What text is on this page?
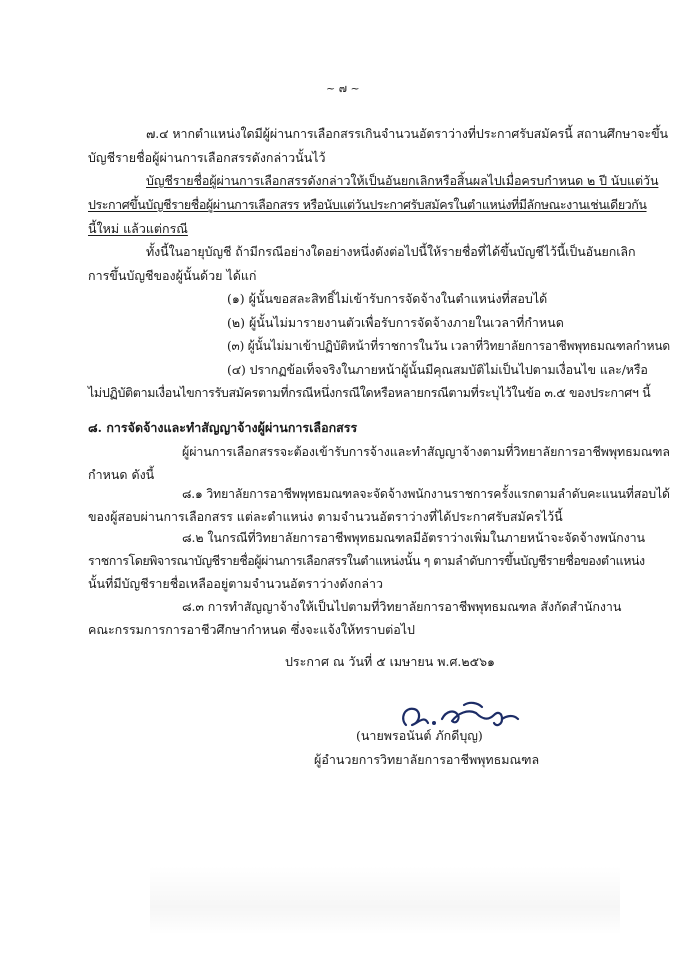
~ ๗ ~
๗.๔ หากตำแหน่งใดมีผู้ผ่านการเลือกสรรเกินจำนวนอัตราว่างที่ประกาศรับสมัครนี้ สถานศึกษาจะขึ้น
บัญชีรายชื่อผู้ผ่านการเลือกสรรดังกล่าวนั้นไว้
บัญชีรายชื่อผู้ผ่านการเลือกสรรดังกล่าวให้เป็นอันยกเลิกหรือสิ้นผลไปเมื่อครบกำหนด ๒ ปี นับแต่วัน
ประกาศขึ้นบัญชีรายชื่อผู้ผ่านการเลือกสรร หรือนับแต่วันประกาศรับสมัครในตำแหน่งที่มีลักษณะงานเช่นเดียวกัน
นี้ใหม่ แล้วแต่กรณี
ทั้งนี้ในอายุบัญชี ถ้ามีกรณีอย่างใดอย่างหนึ่งดังต่อไปนี้ให้รายชื่อที่ได้ขึ้นบัญชีไว้นี้เป็นอันยกเลิก
การขึ้นบัญชีของผู้นั้นด้วย ได้แก่
(๑) ผู้นั้นขอสละสิทธิ์ไม่เข้ารับการจัดจ้างในตำแหน่งที่สอบได้
(๒) ผู้นั้นไม่มารายงานตัวเพื่อรับการจัดจ้างภายในเวลาที่กำหนด
(๓) ผู้นั้นไม่มาเข้าปฏิบัติหน้าที่ราชการในวัน เวลาที่วิทยาลัยการอาชีพพุทธมณฑลกำหนด
(๔) ปรากฏข้อเท็จจริงในภายหน้าผู้นั้นมีคุณสมบัติไม่เป็นไปตามเงื่อนไข และ/หรือ
ไม่ปฏิบัติตามเงื่อนไขการรับสมัครตามที่กรณีหนึ่งกรณีใดหรือหลายกรณีตามที่ระบุไว้ในข้อ ๓.๕ ของประกาศฯ นี้
๘. การจัดจ้างและทำสัญญาจ้างผู้ผ่านการเลือกสรร
ผู้ผ่านการเลือกสรรจะต้องเข้ารับการจ้างและทำสัญญาจ้างตามที่วิทยาลัยการอาชีพพุทธมณฑล
กำหนด ดังนี้
๘.๑ วิทยาลัยการอาชีพพุทธมณฑลจะจัดจ้างพนักงานราชการครั้งแรกตามลำดับคะแนนที่สอบได้
ของผู้สอบผ่านการเลือกสรร แต่ละตำแหน่ง ตามจำนวนอัตราว่างที่ได้ประกาศรับสมัครไว้นี้
๘.๒ ในกรณีที่วิทยาลัยการอาชีพพุทธมณฑลมีอัตราว่างเพิ่มในภายหน้าจะจัดจ้างพนักงาน
ราชการโดยพิจารณาบัญชีรายชื่อผู้ผ่านการเลือกสรรในตำแหน่งนั้น ๆ ตามลำดับการขึ้นบัญชีรายชื่อของตำแหน่ง
นั้นที่มีบัญชีรายชื่อเหลืออยู่ตามจำนวนอัตราว่างดังกล่าว
๘.๓ การทำสัญญาจ้างให้เป็นไปตามที่วิทยาลัยการอาชีพพุทธมณฑล สังกัดสำนักงาน
คณะกรรมการการอาชีวศึกษากำหนด ซึ่งจะแจ้งให้ทราบต่อไป
ประกาศ ณ วันที่ ๕ เมษายน พ.ศ.๒๕๖๑
(นายพรอนันต์ ภักดีบุญ)
ผู้อำนวยการวิทยาลัยการอาชีพพุทธมณฑล
